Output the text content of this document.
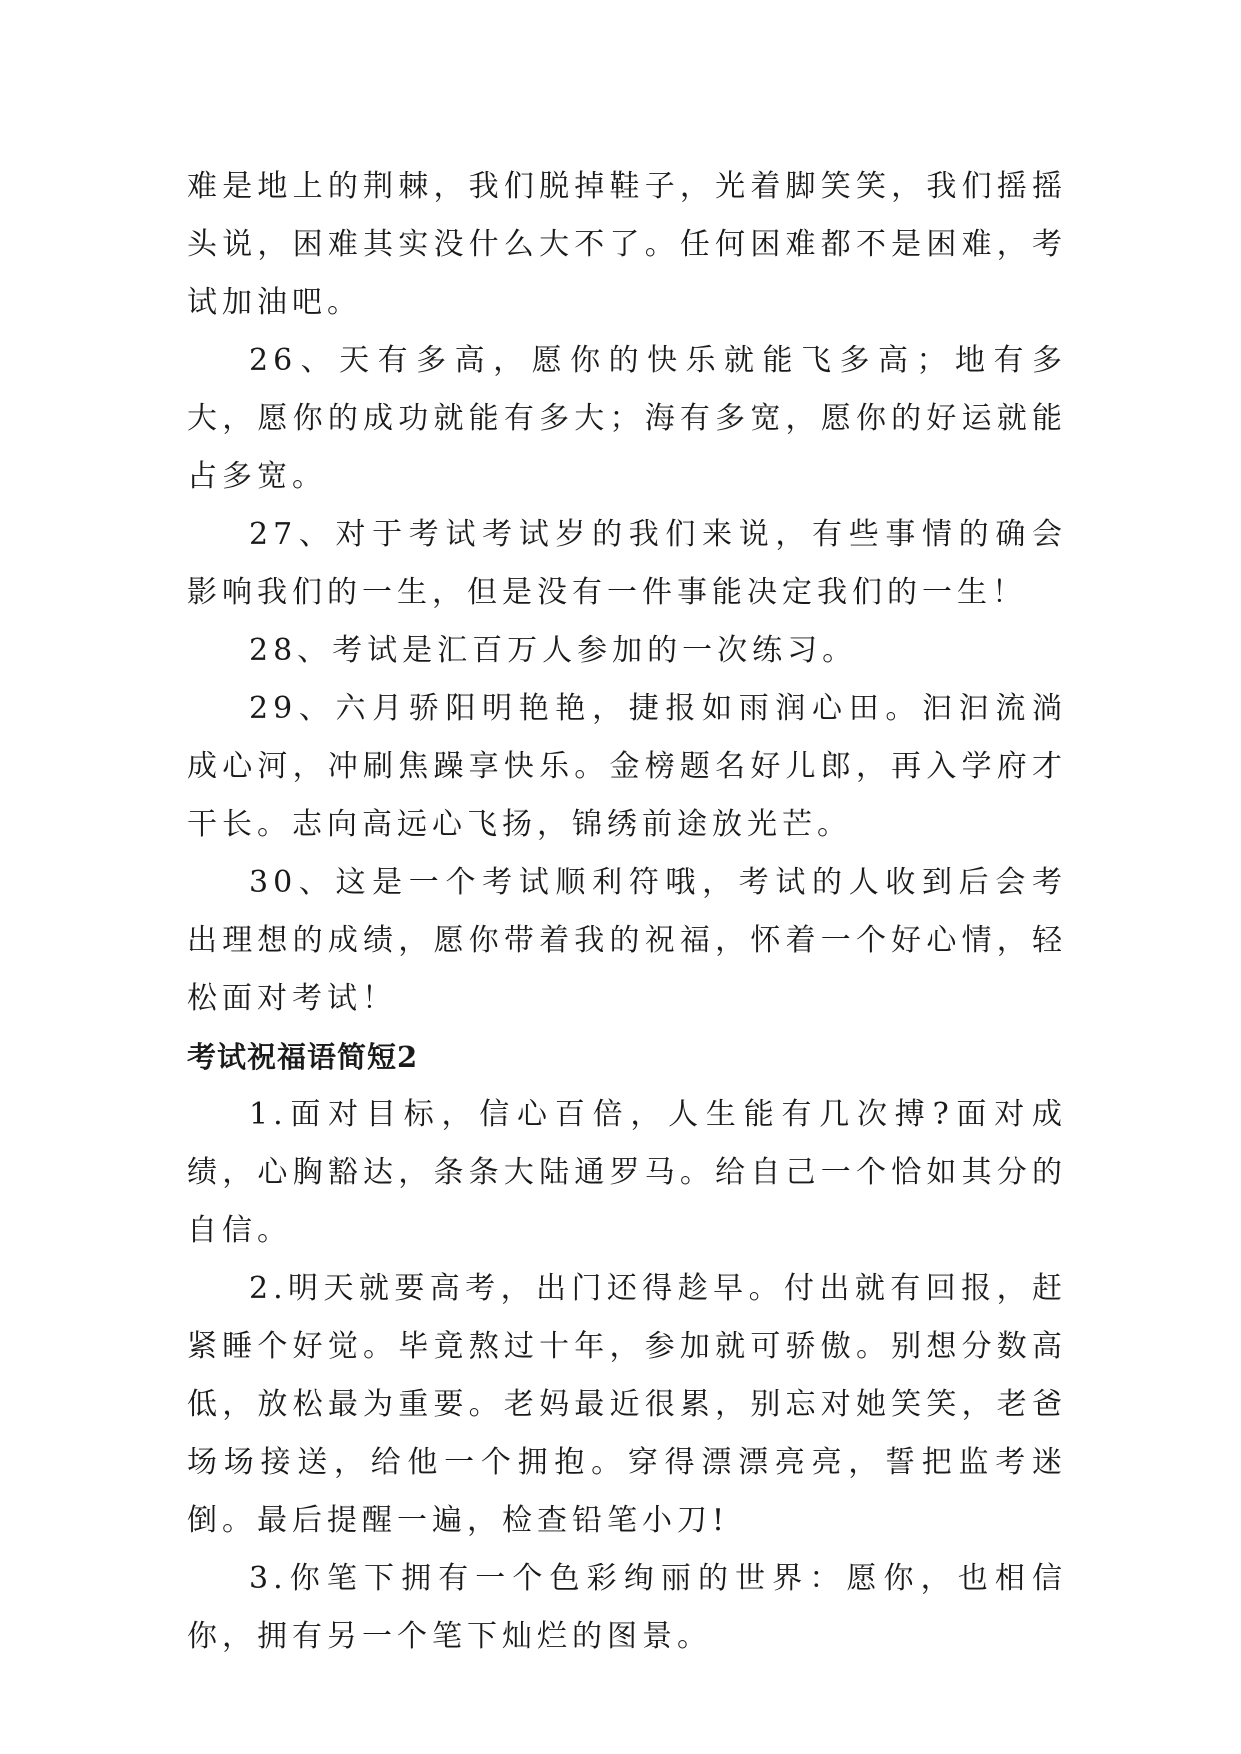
难是地上的荆棘，我们脱掉鞋子，光着脚笑笑，我们摇摇头说，困难其实没什么大不了。任何困难都不是困难，考试加油吧。

26、天有多高，愿你的快乐就能飞多高；地有多大，愿你的成功就能有多大；海有多宽，愿你的好运就能占多宽。

27、对于考试考试岁的我们来说，有些事情的确会影响我们的一生，但是没有一件事能决定我们的一生！

28、考试是汇百万人参加的一次练习。

29、六月骄阳明艳艳，捷报如雨润心田。汩汩流淌成心河，冲刷焦躁享快乐。金榜题名好儿郎，再入学府才干长。志向高远心飞扬，锦绣前途放光芒。

30、这是一个考试顺利符哦，考试的人收到后会考出理想的成绩，愿你带着我的祝福，怀着一个好心情，轻松面对考试！

考试祝福语简短2

1.面对目标，信心百倍，人生能有几次搏?面对成绩，心胸豁达，条条大陆通罗马。给自己一个恰如其分的自信。

2.明天就要高考，出门还得趁早。付出就有回报，赶紧睡个好觉。毕竟熬过十年，参加就可骄傲。别想分数高低，放松最为重要。老妈最近很累，别忘对她笑笑，老爸场场接送，给他一个拥抱。穿得漂漂亮亮，誓把监考迷倒。最后提醒一遍，检查铅笔小刀!

3.你笔下拥有一个色彩绚丽的世界：愿你，也相信你，拥有另一个笔下灿烂的图景。
